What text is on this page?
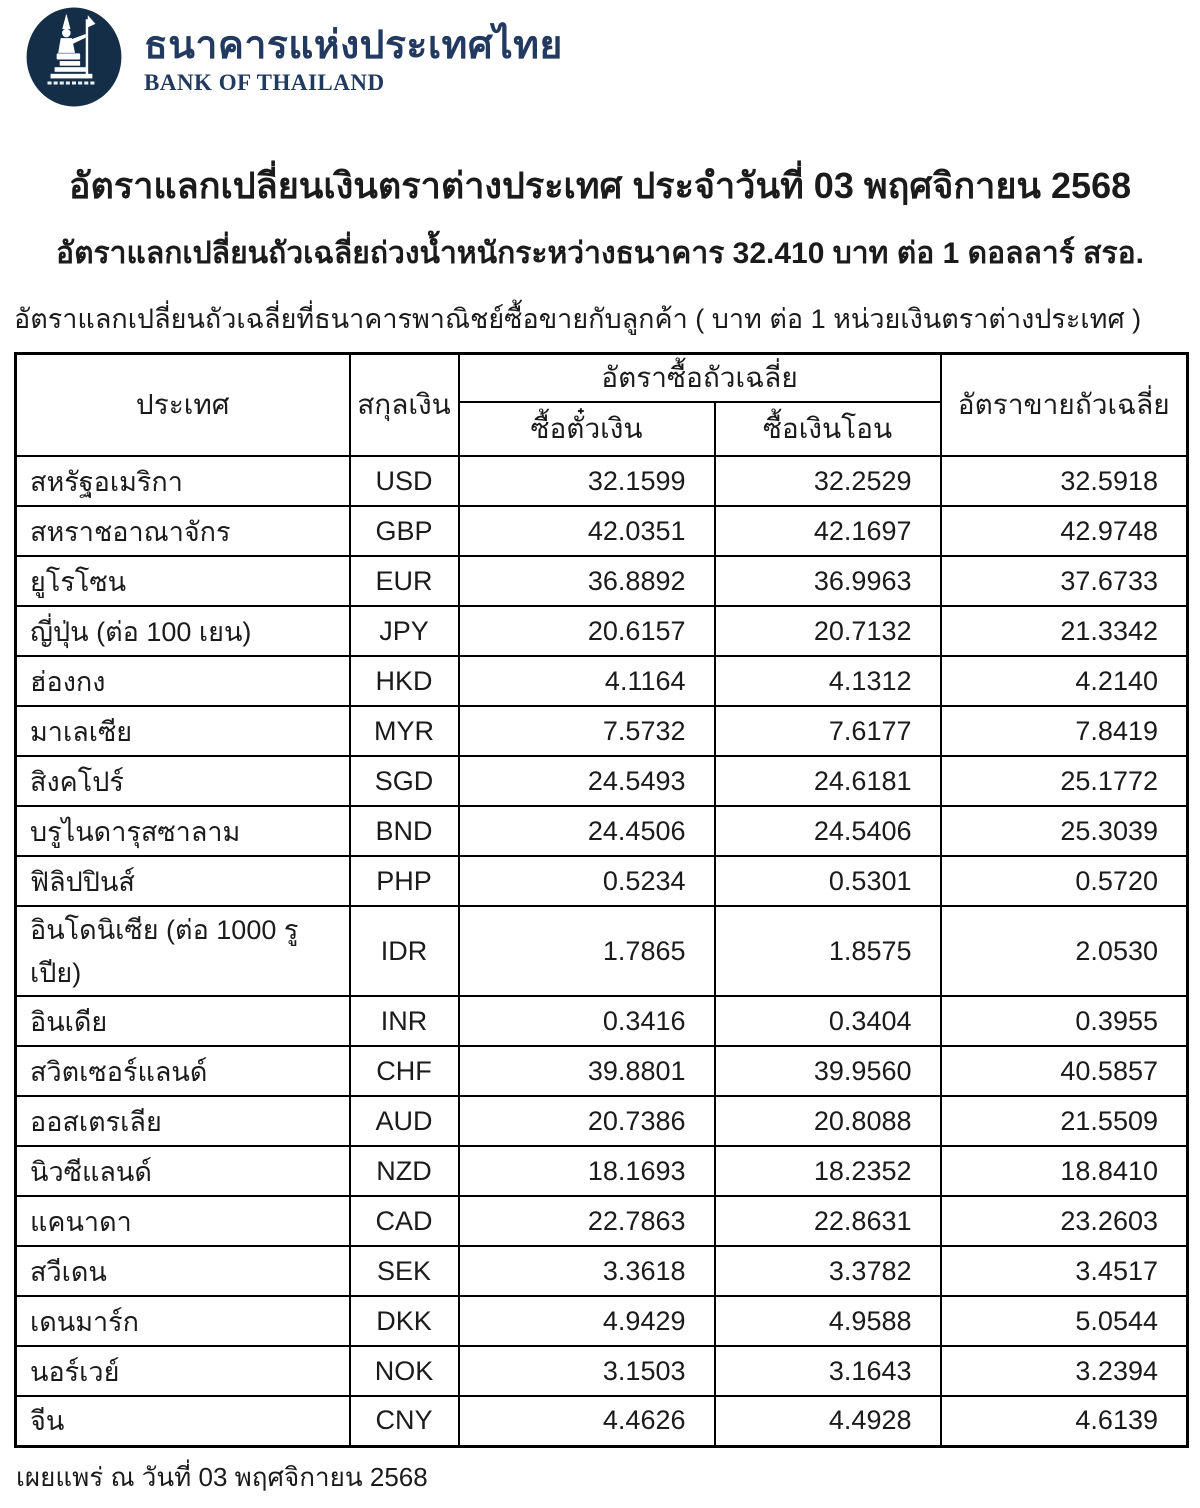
ธนาคารแห่งประเทศไทย
BANK OF THAILAND
อัตราแลกเปลี่ยนเงินตราต่างประเทศ ประจำวันที่ 03 พฤศจิกายน 2568
อัตราแลกเปลี่ยนถัวเฉลี่ยถ่วงน้ำหนักระหว่างธนาคาร 32.410 บาท ต่อ 1 ดอลลาร์ สรอ.
อัตราแลกเปลี่ยนถัวเฉลี่ยที่ธนาคารพาณิชย์ซื้อขายกับลูกค้า ( บาท ต่อ 1 หน่วยเงินตราต่างประเทศ )
ประเทศ	สกุลเงิน	อัตราซื้อถัวเฉลี่ย		อัตราขายถัวเฉลี่ย
		ซื้อตั๋วเงิน	ซื้อเงินโอน	
สหรัฐอเมริกา	USD	32.1599	32.2529	32.5918
สหราชอาณาจักร	GBP	42.0351	42.1697	42.9748
ยูโรโซน	EUR	36.8892	36.9963	37.6733
ญี่ปุ่น (ต่อ 100 เยน)	JPY	20.6157	20.7132	21.3342
ฮ่องกง	HKD	4.1164	4.1312	4.2140
มาเลเซีย	MYR	7.5732	7.6177	7.8419
สิงคโปร์	SGD	24.5493	24.6181	25.1772
บรูไนดารุสซาลาม	BND	24.4506	24.5406	25.3039
ฟิลิปปินส์	PHP	0.5234	0.5301	0.5720
อินโดนิเซีย (ต่อ 1000 รูเปีย)	IDR	1.7865	1.8575	2.0530
อินเดีย	INR	0.3416	0.3404	0.3955
สวิตเซอร์แลนด์	CHF	39.8801	39.9560	40.5857
ออสเตรเลีย	AUD	20.7386	20.8088	21.5509
นิวซีแลนด์	NZD	18.1693	18.2352	18.8410
แคนาดา	CAD	22.7863	22.8631	23.2603
สวีเดน	SEK	3.3618	3.3782	3.4517
เดนมาร์ก	DKK	4.9429	4.9588	5.0544
นอร์เวย์	NOK	3.1503	3.1643	3.2394
จีน	CNY	4.4626	4.4928	4.6139
เผยแพร่ ณ วันที่ 03 พฤศจิกายน 2568
